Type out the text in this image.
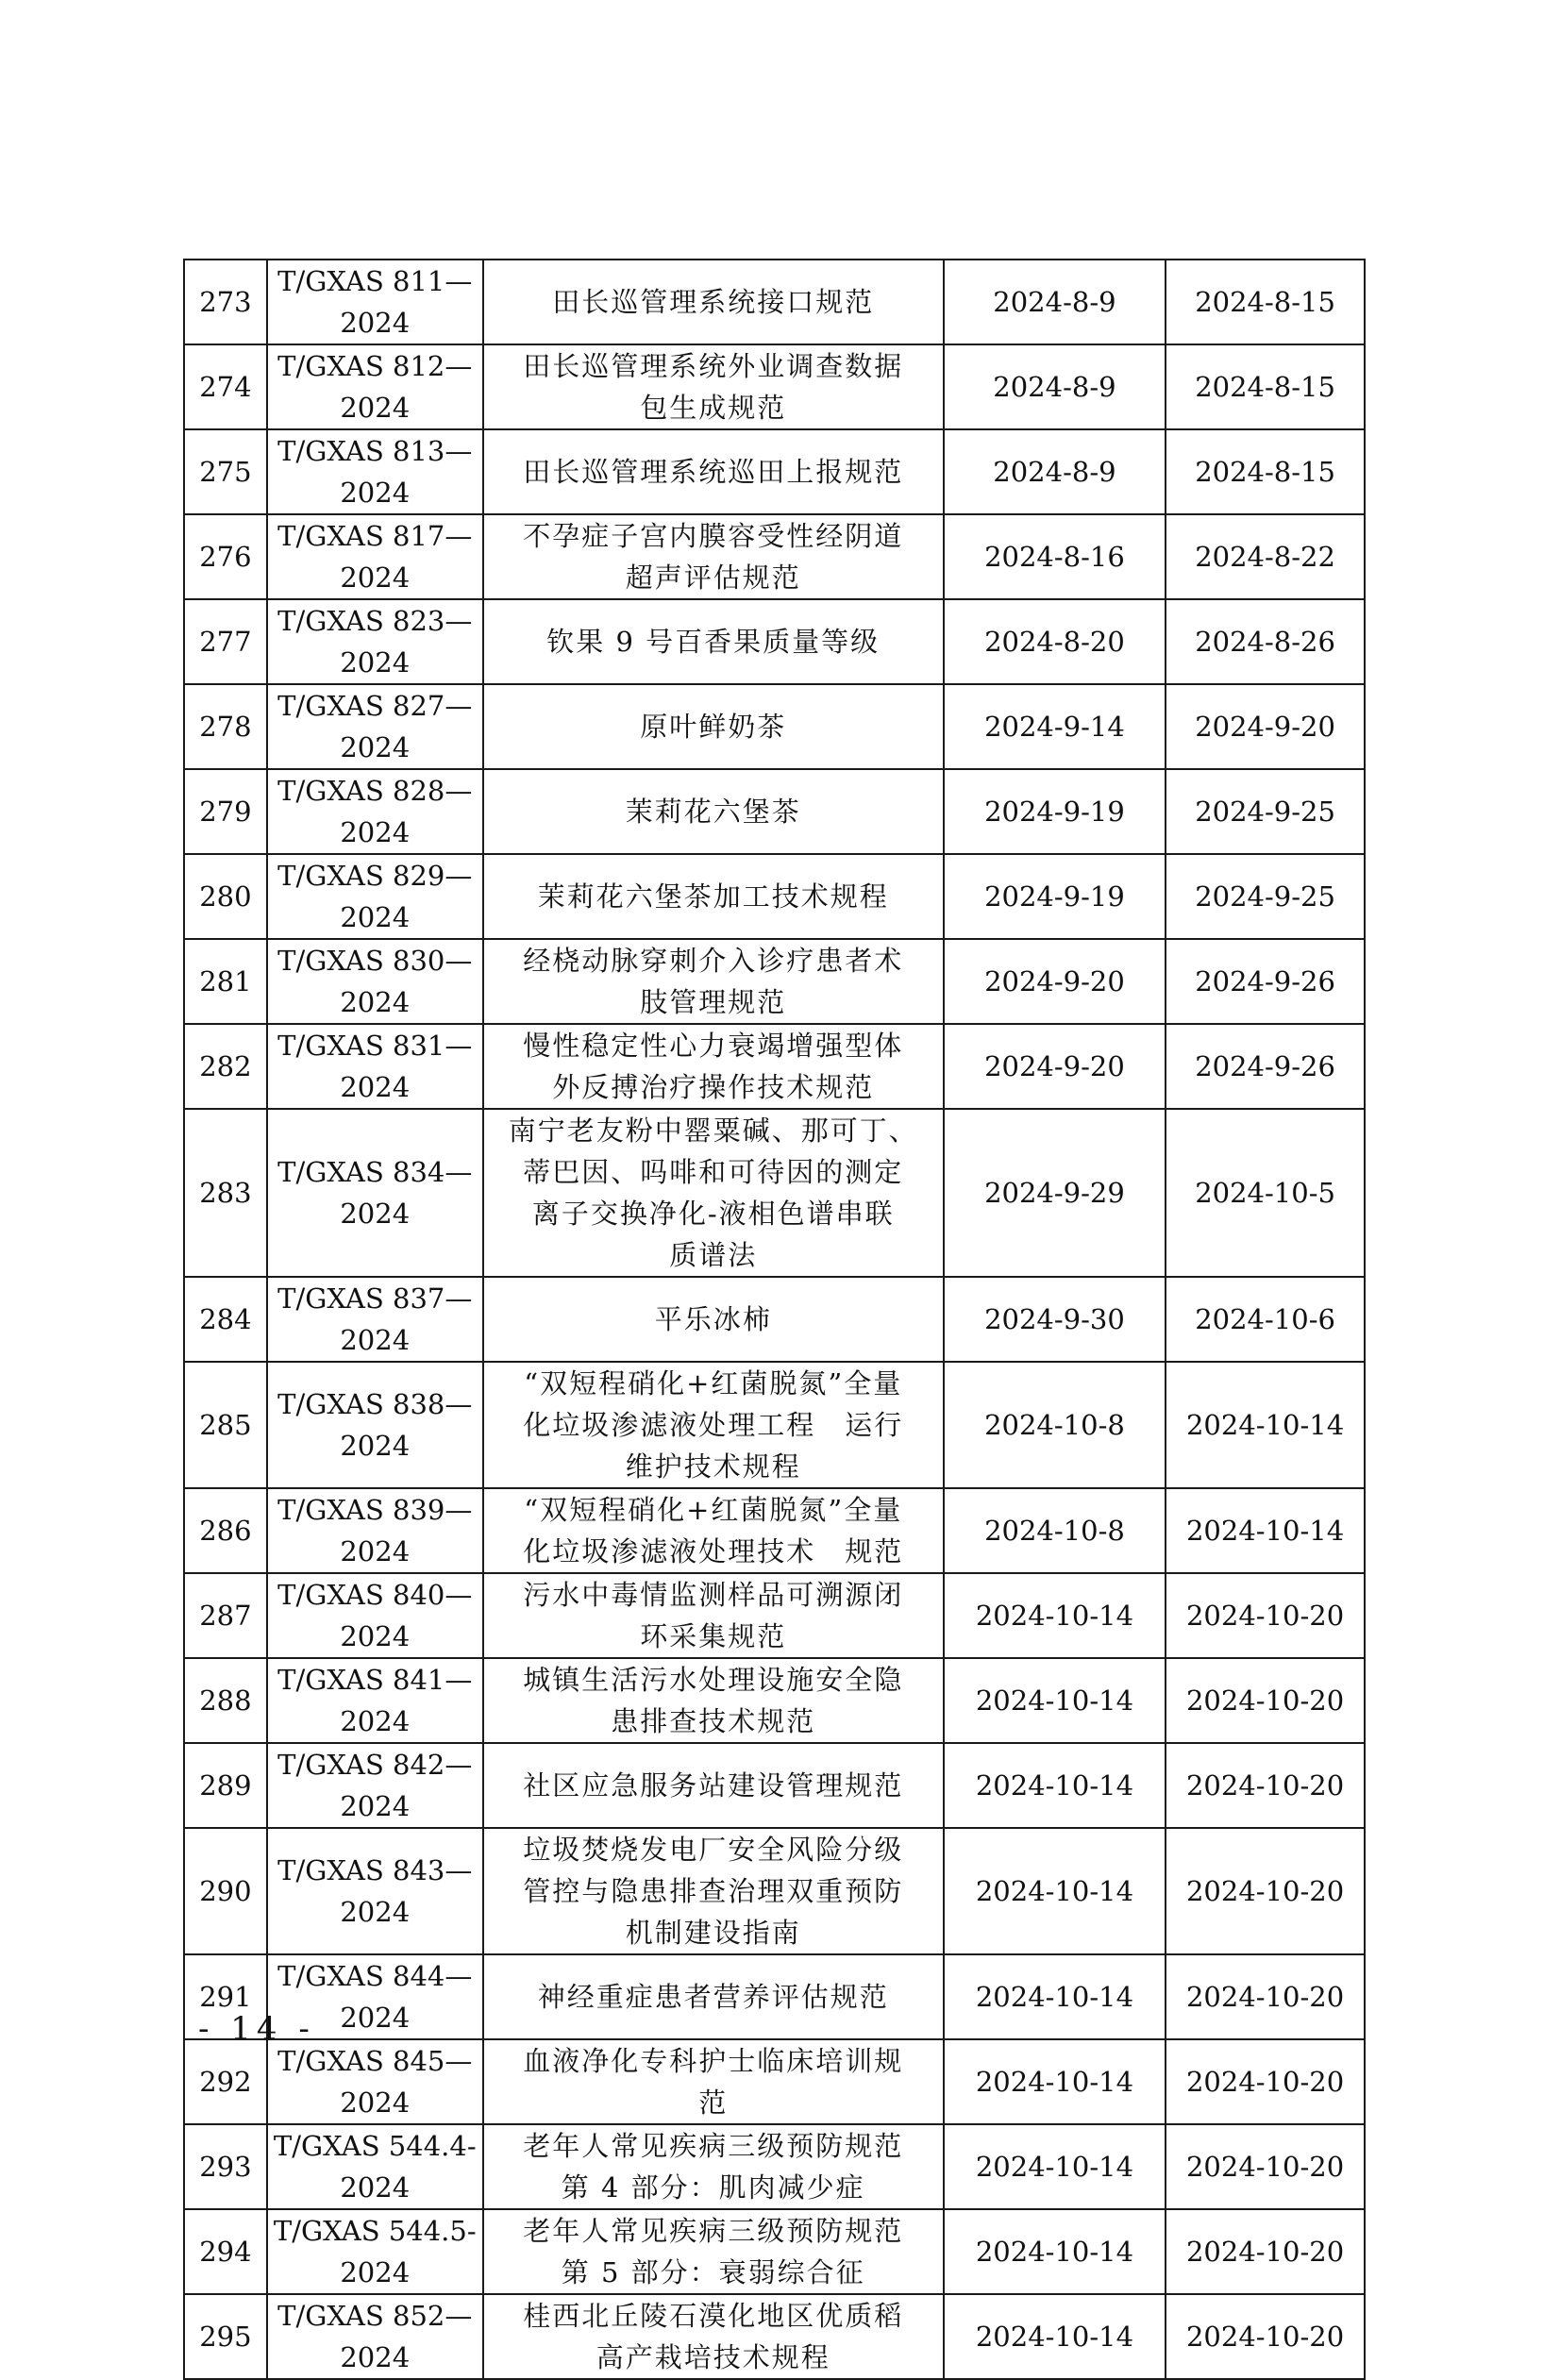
273	T/GXAS 811—2024	田长巡管理系统接口规范	2024-8-9	2024-8-15
274	T/GXAS 812—2024	田长巡管理系统外业调查数据
包生成规范	2024-8-9	2024-8-15
275	T/GXAS 813—2024	田长巡管理系统巡田上报规范	2024-8-9	2024-8-15
276	T/GXAS 817—2024	不孕症子宫内膜容受性经阴道
超声评估规范	2024-8-16	2024-8-22
277	T/GXAS 823—2024	钦果 9 号百香果质量等级	2024-8-20	2024-8-26
278	T/GXAS 827—2024	原叶鲜奶茶	2024-9-14	2024-9-20
279	T/GXAS 828—2024	茉莉花六堡茶	2024-9-19	2024-9-25
280	T/GXAS 829—2024	茉莉花六堡茶加工技术规程	2024-9-19	2024-9-25
281	T/GXAS 830—2024	经桡动脉穿刺介入诊疗患者术
肢管理规范	2024-9-20	2024-9-26
282	T/GXAS 831—2024	慢性稳定性心力衰竭增强型体
外反搏治疗操作技术规范	2024-9-20	2024-9-26
283	T/GXAS 834—2024	南宁老友粉中罂粟碱、那可丁、
蒂巴因、吗啡和可待因的测定
离子交换净化-液相色谱串联
质谱法	2024-9-29	2024-10-5
284	T/GXAS 837—2024	平乐冰柿	2024-9-30	2024-10-6
285	T/GXAS 838—2024	“双短程硝化+红菌脱氮”全量
化垃圾渗滤液处理工程　运行
维护技术规程	2024-10-8	2024-10-14
286	T/GXAS 839—2024	“双短程硝化+红菌脱氮”全量
化垃圾渗滤液处理技术　规范	2024-10-8	2024-10-14
287	T/GXAS 840—2024	污水中毒情监测样品可溯源闭
环采集规范	2024-10-14	2024-10-20
288	T/GXAS 841—2024	城镇生活污水处理设施安全隐
患排查技术规范	2024-10-14	2024-10-20
289	T/GXAS 842—2024	社区应急服务站建设管理规范	2024-10-14	2024-10-20
290	T/GXAS 843—2024	垃圾焚烧发电厂安全风险分级
管控与隐患排查治理双重预防
机制建设指南	2024-10-14	2024-10-20
291	T/GXAS 844—2024	神经重症患者营养评估规范	2024-10-14	2024-10-20
292	T/GXAS 845—2024	血液净化专科护士临床培训规
范	2024-10-14	2024-10-20
293	T/GXAS 544.4-2024	老年人常见疾病三级预防规范
第 4 部分：肌肉减少症	2024-10-14	2024-10-20
294	T/GXAS 544.5-2024	老年人常见疾病三级预防规范
第 5 部分：衰弱综合征	2024-10-14	2024-10-20
295	T/GXAS 852—2024	桂西北丘陵石漠化地区优质稻
高产栽培技术规程	2024-10-14	2024-10-20
- 14 -
